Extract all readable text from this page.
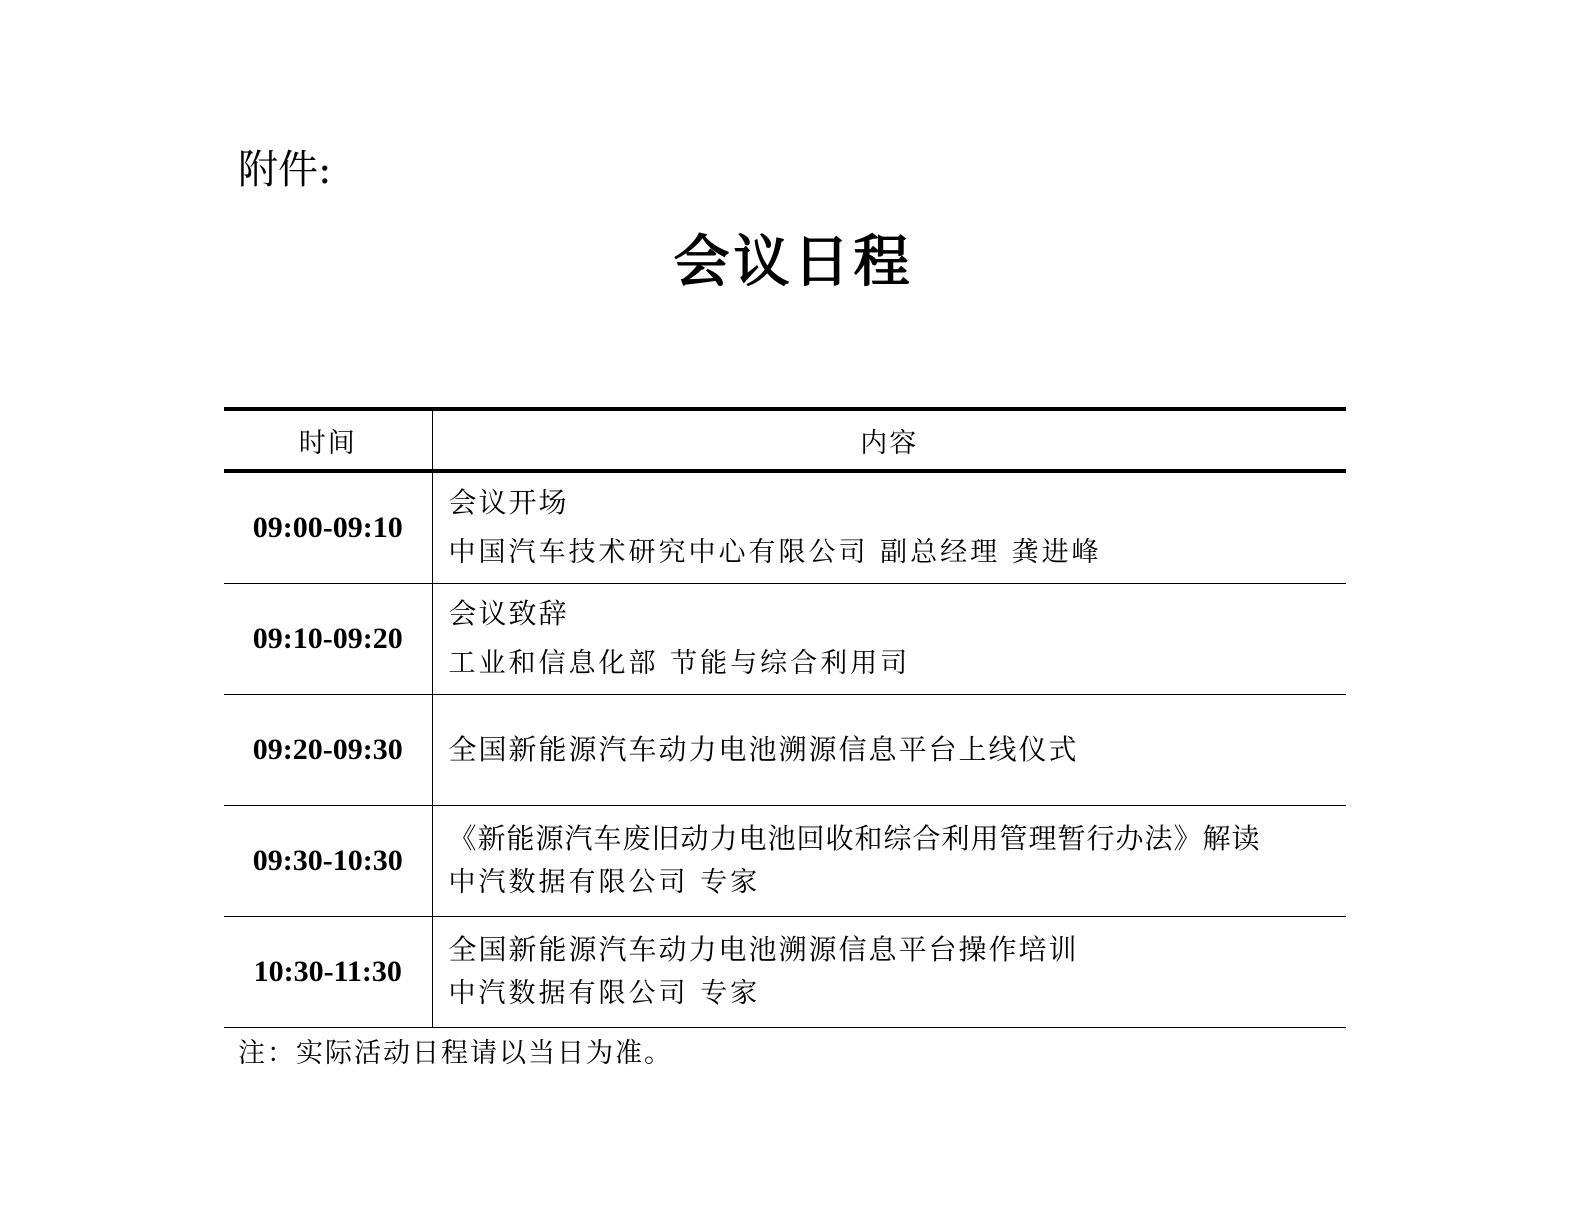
附件:
会议日程
时间	内容
09:00-09:10	会议开场
中国汽车技术研究中心有限公司 副总经理 龚进峰

09:10-09:20	会议致辞
工业和信息化部 节能与综合利用司

09:20-09:30	全国新能源汽车动力电池溯源信息平台上线仪式

09:30-10:30	《新能源汽车废旧动力电池回收和综合利用管理暂行办法》解读
中汽数据有限公司 专家

10:30-11:30	全国新能源汽车动力电池溯源信息平台操作培训
中汽数据有限公司 专家
注：实际活动日程请以当日为准。
